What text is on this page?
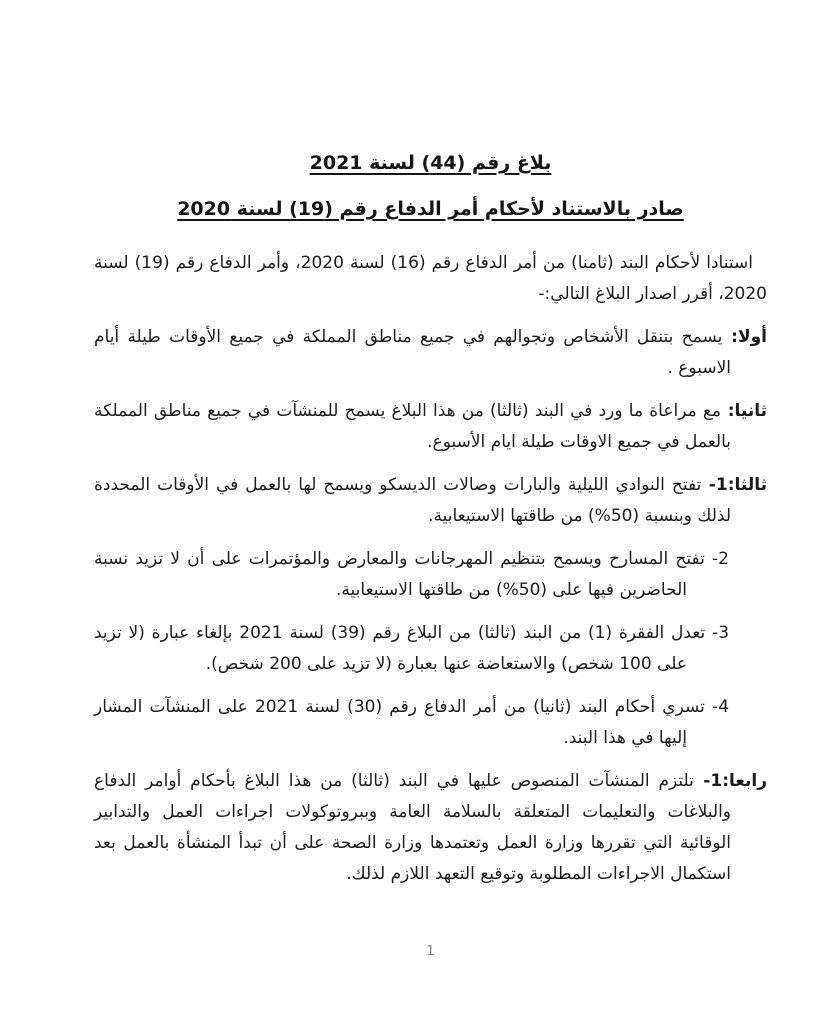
بلاغ رقم (44) لسنة 2021
صادر بالاستناد لأحكام أمر الدفاع رقم (19) لسنة 2020

استنادا لأحكام البند (ثامنا) من أمر الدفاع رقم (16) لسنة 2020، وأمر الدفاع رقم (19) لسنة 2020، أقرر اصدار البلاغ التالي:-

أولا: يسمح بتنقل الأشخاص وتجوالهم في جميع مناطق المملكة في جميع الأوقات طيلة أيام الاسبوع .

ثانيا: مع مراعاة ما ورد في البند (ثالثا) من هذا البلاغ يسمح للمنشآت في جميع مناطق المملكة بالعمل في جميع الاوقات طيلة ايام الأسبوع.

ثالثا:1- تفتح النوادي الليلية والبارات وصالات الديسكو ويسمح لها بالعمل في الأوقات المحددة لذلك وبنسبة (50%) من طاقتها الاستيعابية.

2- تفتح المسارح ويسمح بتنظيم المهرجانات والمعارض والمؤتمرات على أن لا تزيد نسبة الحاضرين فيها على (50%) من طاقتها الاستيعابية.

3- تعدل الفقرة (1) من البند (ثالثا) من البلاغ رقم (39) لسنة 2021 بإلغاء عبارة (لا تزيد على 100 شخص) والاستعاضة عنها بعبارة (لا تزيد على 200 شخص).

4- تسري أحكام البند (ثانيا) من أمر الدفاع رقم (30) لسنة 2021 على المنشآت المشار إليها في هذا البند.

رابعا:1- تلتزم المنشآت المنصوص عليها في البند (ثالثا) من هذا البلاغ بأحكام أوامر الدفاع والبلاغات والتعليمات المتعلقة بالسلامة العامة وببروتوكولات اجراءات العمل والتدابير الوقائية التي تقررها وزارة العمل وتعتمدها وزارة الصحة على أن تبدأ المنشأة بالعمل بعد استكمال الاجراءات المطلوبة وتوقيع التعهد اللازم لذلك.

1
